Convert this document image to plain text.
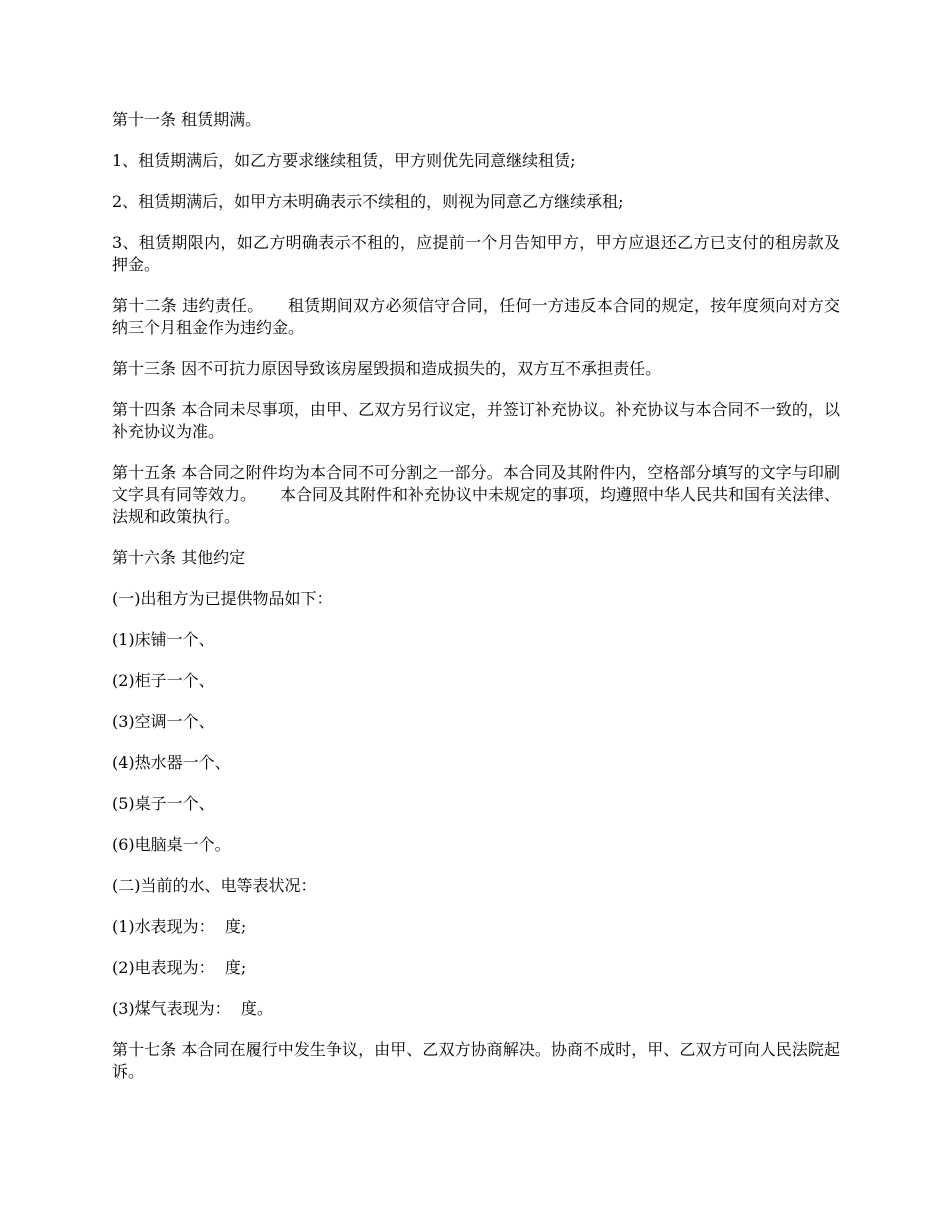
第十一条 租赁期满。

1、租赁期满后，如乙方要求继续租赁，甲方则优先同意继续租赁;

2、租赁期满后，如甲方未明确表示不续租的，则视为同意乙方继续承租;

3、租赁期限内，如乙方明确表示不租的，应提前一个月告知甲方，甲方应退还乙方已支付的租房款及押金。

第十二条 违约责任。　　租赁期间双方必须信守合同，任何一方违反本合同的规定，按年度须向对方交纳三个月租金作为违约金。

第十三条 因不可抗力原因导致该房屋毁损和造成损失的，双方互不承担责任。

第十四条 本合同未尽事项，由甲、乙双方另行议定，并签订补充协议。补充协议与本合同不一致的，以补充协议为准。

第十五条 本合同之附件均为本合同不可分割之一部分。本合同及其附件内，空格部分填写的文字与印刷文字具有同等效力。　　本合同及其附件和补充协议中未规定的事项，均遵照中华人民共和国有关法律、法规和政策执行。

第十六条 其他约定

(一)出租方为已提供物品如下：

(1)床铺一个、

(2)柜子一个、

(3)空调一个、

(4)热水器一个、

(5)桌子一个、

(6)电脑桌一个。

(二)当前的水、电等表状况：

(1)水表现为：  度;

(2)电表现为：  度;

(3)煤气表现为：  度。

第十七条 本合同在履行中发生争议，由甲、乙双方协商解决。协商不成时，甲、乙双方可向人民法院起诉。
